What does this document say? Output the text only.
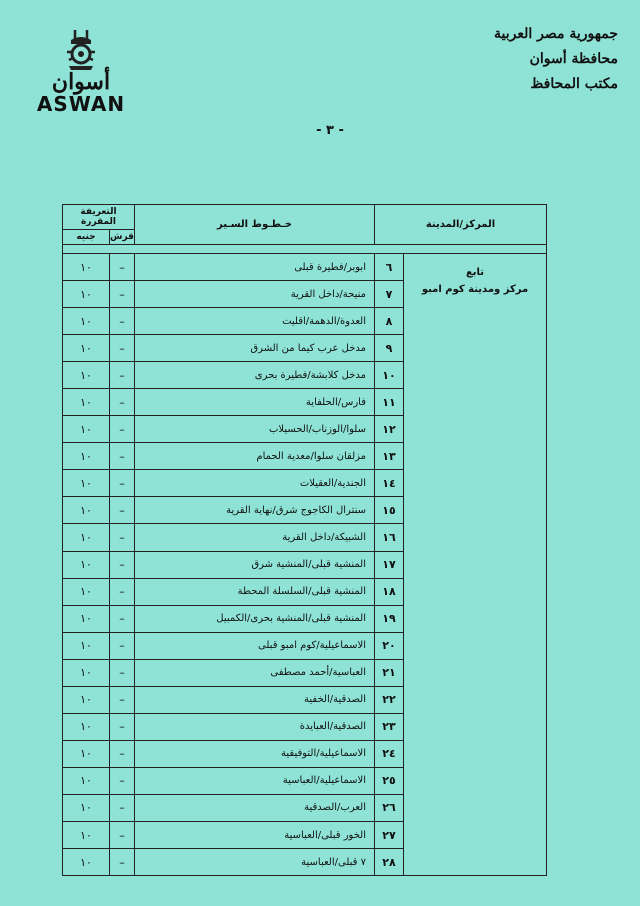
جمهورية مصر العربية
محافظة أسوان
مكتب المحافظ
أسوان
ASWAN
- ٣ -
التعريفة المقررة		خـطـوط السـير	المركز/المدينة	
جنيه	قرش			

١٠	–	ابوبر/فطيرة قبلى	٦	تابع
مركز ومدينة كوم امبو

١٠	–	منيحة/داخل القرية	٧	
١٠	–	العدوة/الدهمة/اقليت	٨	
١٠	–	مدخل عرب كيما من الشرق	٩	
١٠	–	مدخل كلابشة/فطيرة بحرى	١٠	
١٠	–	فارس/الحلفاية	١١	
١٠	–	سلوا/الوزناب/الحسيلاب	١٢	
١٠	–	مزلقان سلوا/معدية الحمام	١٣	
١٠	–	الجندية/العقيلات	١٤	
١٠	–	سنترال الكاجوج شرق/نهاية القرية	١٥	
١٠	–	الشبيكة/داخل القرية	١٦	
١٠	–	المنشية قبلى/المنشية شرق	١٧	
١٠	–	المنشية قبلى/السلسلة المحطة	١٨	
١٠	–	المنشية قبلى/المنشية بحرى/الكمبيل	١٩	
١٠	–	الاسماعيلية/كوم امبو قبلى	٢٠	
١٠	–	العباسية/أحمد مصطفى	٢١	
١٠	–	الصدقية/الخفية	٢٢	
١٠	–	الصدقية/العبايدة	٢٣	
١٠	–	الاسماعيلية/التوفيقية	٢٤	
١٠	–	الاسماعيلية/العباسية	٢٥	
١٠	–	العرب/الصدقية	٢٦	
١٠	–	الخور قبلى/العباسية	٢٧	
١٠	–	٧ قبلى/العباسية	٢٨	
